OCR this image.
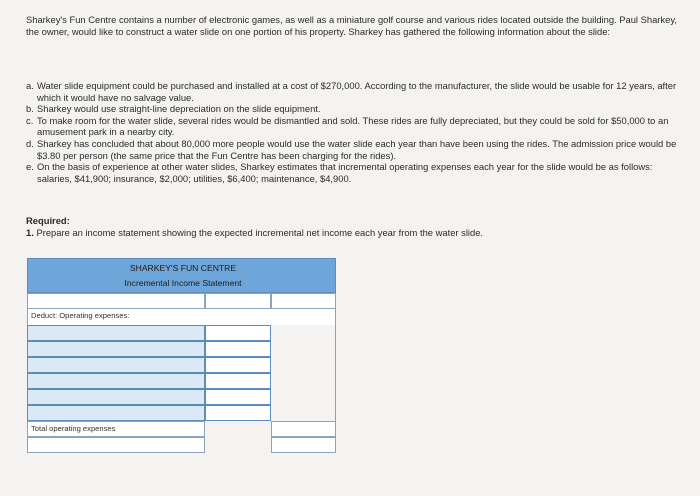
Sharkey's Fun Centre contains a number of electronic games, as well as a miniature golf course and various rides located outside the building. Paul Sharkey, the owner, would like to construct a water slide on one portion of his property. Sharkey has gathered the following information about the slide:

a. Water slide equipment could be purchased and installed at a cost of $270,000. According to the manufacturer, the slide would be usable for 12 years, after which it would have no salvage value.
b. Sharkey would use straight-line depreciation on the slide equipment.
c. To make room for the water slide, several rides would be dismantled and sold. These rides are fully depreciated, but they could be sold for $50,000 to an amusement park in a nearby city.
d. Sharkey has concluded that about 80,000 more people would use the water slide each year than have been using the rides. The admission price would be $3.80 per person (the same price that the Fun Centre has been charging for the rides).
e. On the basis of experience at other water slides, Sharkey estimates that incremental operating expenses each year for the slide would be as follows: salaries, $41,900; insurance, $2,000; utilities, $6,400; maintenance, $4,900.
Required:
1. Prepare an income statement showing the expected incremental net income each year from the water slide.
SHARKEY'S FUN CENTRE
Incremental Income Statement
Deduct: Operating expenses:
Total operating expenses
